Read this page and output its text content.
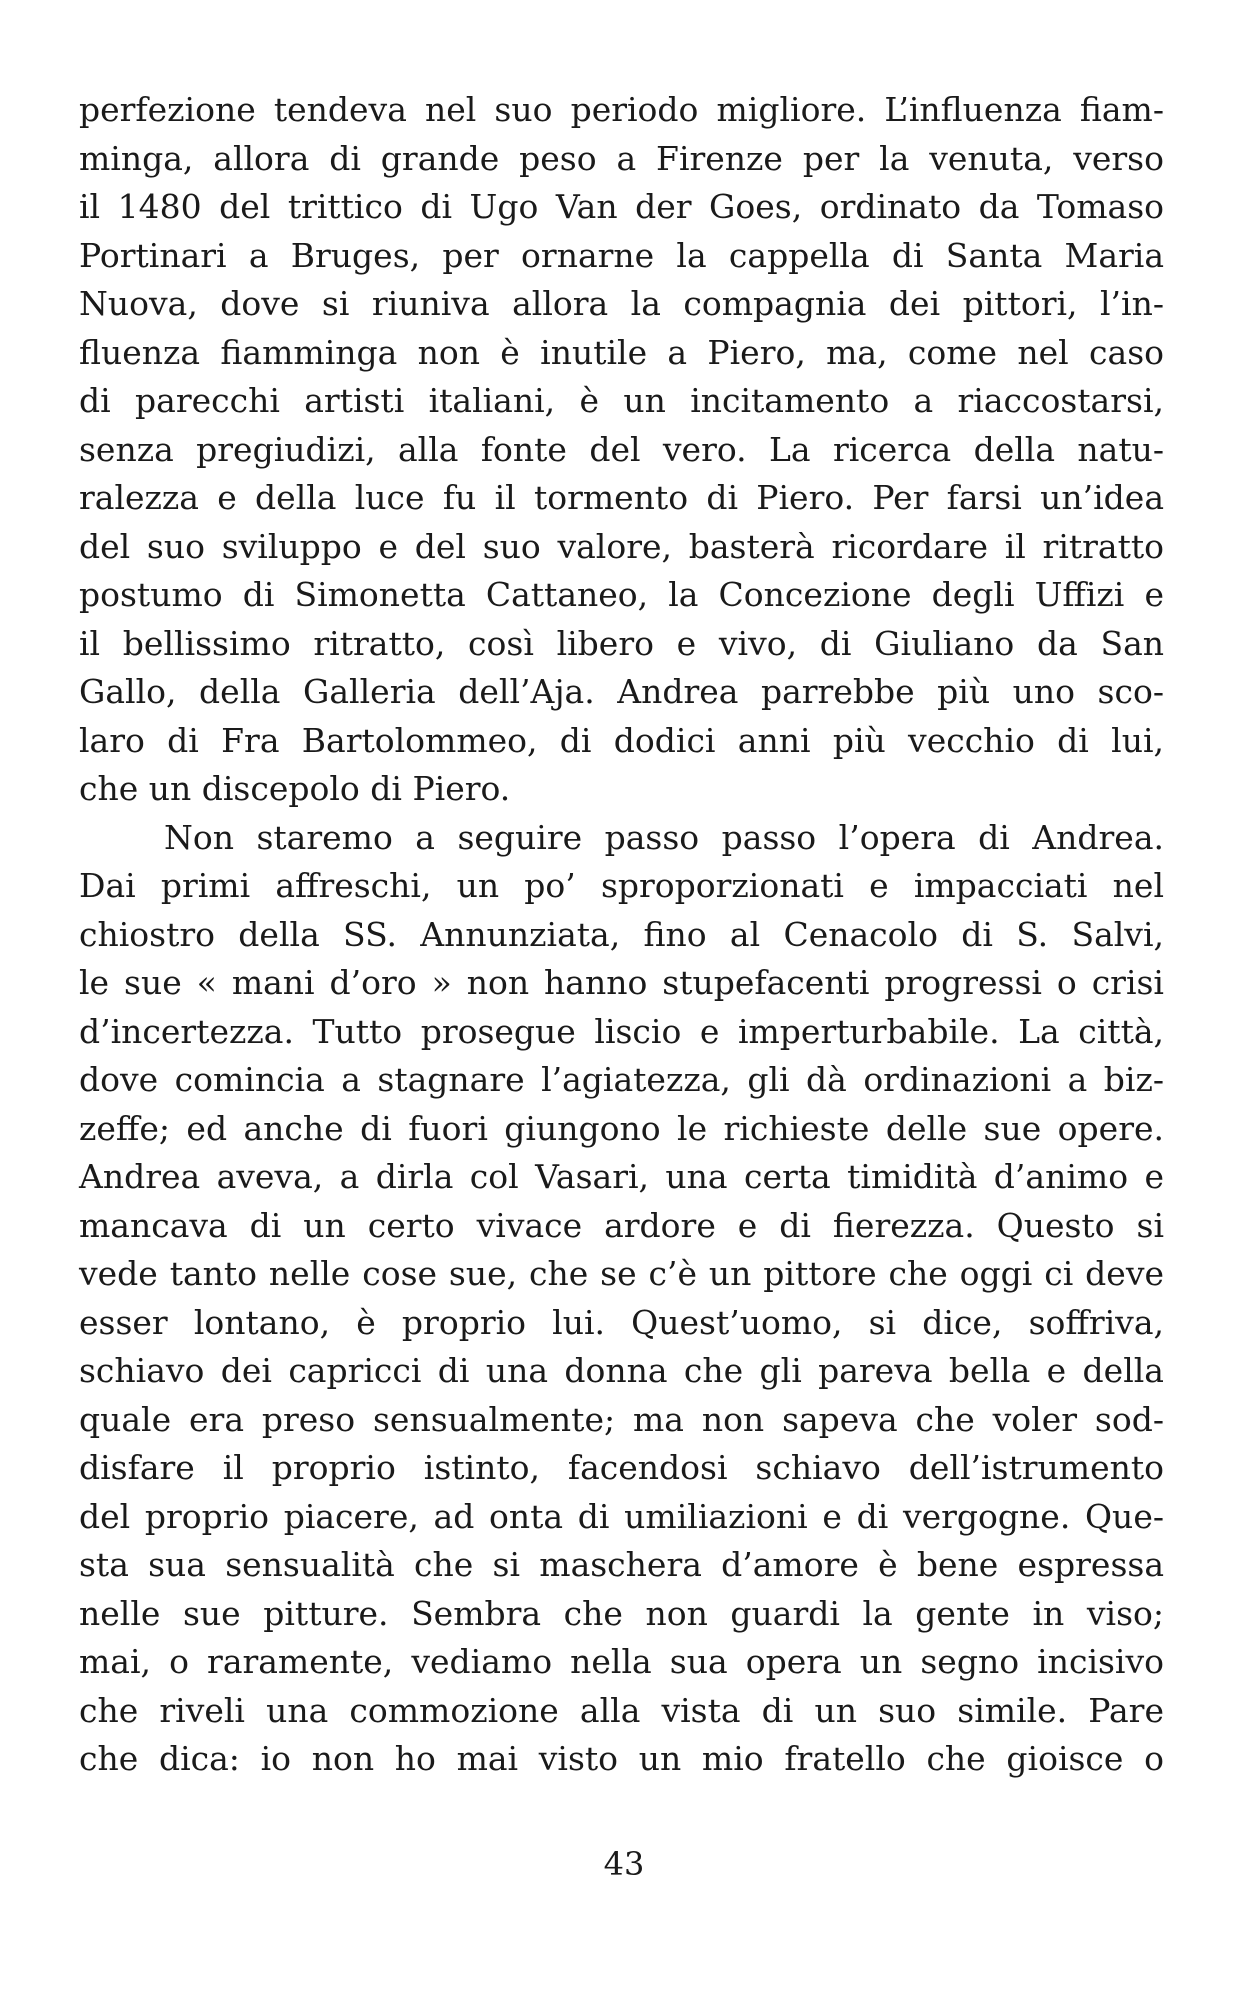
perfezione tendeva nel suo periodo migliore. L’influenza fiam-
minga, allora di grande peso a Firenze per la venuta, verso
il 1480 del trittico di Ugo Van der Goes, ordinato da Tomaso
Portinari a Bruges, per ornarne la cappella di Santa Maria
Nuova, dove si riuniva allora la compagnia dei pittori, l’in-
fluenza fiamminga non è inutile a Piero, ma, come nel caso
di parecchi artisti italiani, è un incitamento a riaccostarsi,
senza pregiudizi, alla fonte del vero. La ricerca della natu-
ralezza e della luce fu il tormento di Piero. Per farsi un’idea
del suo sviluppo e del suo valore, basterà ricordare il ritratto
postumo di Simonetta Cattaneo, la Concezione degli Uffizi e
il bellissimo ritratto, così libero e vivo, di Giuliano da San
Gallo, della Galleria dell’Aja. Andrea parrebbe più uno sco-
laro di Fra Bartolommeo, di dodici anni più vecchio di lui,
che un discepolo di Piero.
Non staremo a seguire passo passo l’opera di Andrea.
Dai primi affreschi, un po’ sproporzionati e impacciati nel
chiostro della SS. Annunziata, fino al Cenacolo di S. Salvi,
le sue « mani d’oro » non hanno stupefacenti progressi o crisi
d’incertezza. Tutto prosegue liscio e imperturbabile. La città,
dove comincia a stagnare l’agiatezza, gli dà ordinazioni a biz-
zeffe; ed anche di fuori giungono le richieste delle sue opere.
Andrea aveva, a dirla col Vasari, una certa timidità d’animo e
mancava di un certo vivace ardore e di fierezza. Questo si
vede tanto nelle cose sue, che se c’è un pittore che oggi ci deve
esser lontano, è proprio lui. Quest’uomo, si dice, soffriva,
schiavo dei capricci di una donna che gli pareva bella e della
quale era preso sensualmente; ma non sapeva che voler sod-
disfare il proprio istinto, facendosi schiavo dell’istrumento
del proprio piacere, ad onta di umiliazioni e di vergogne. Que-
sta sua sensualità che si maschera d’amore è bene espressa
nelle sue pitture. Sembra che non guardi la gente in viso;
mai, o raramente, vediamo nella sua opera un segno incisivo
che riveli una commozione alla vista di un suo simile. Pare
che dica: io non ho mai visto un mio fratello che gioisce o
43
